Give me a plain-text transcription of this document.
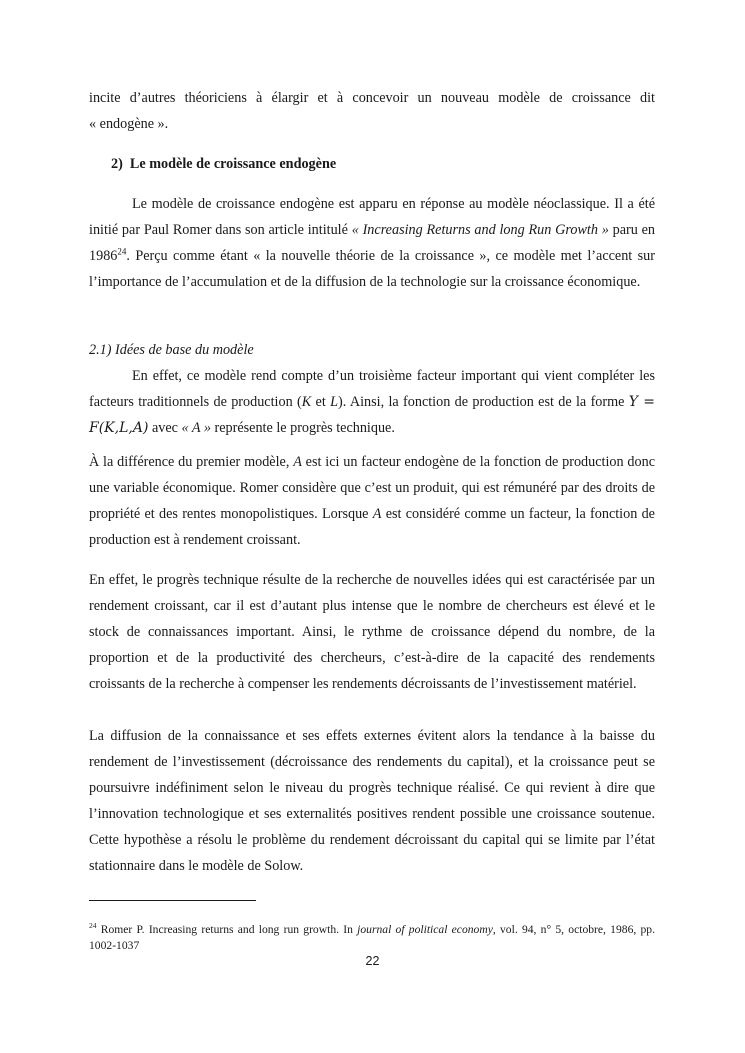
incite d’autres théoriciens à élargir et à concevoir un nouveau modèle de croissance dit
« endogène ».

2) Le modèle de croissance endogène

Le modèle de croissance endogène est apparu en réponse au modèle néoclassique. Il a été initié par Paul Romer dans son article intitulé « Increasing Returns and long Run Growth » paru en 1986$^{24}$. Perçu comme étant « la nouvelle théorie de la croissance », ce modèle met l’accent sur l’importance de l’accumulation et de la diffusion de la technologie sur la croissance économique.

2.1) Idées de base du modèle

En effet, ce modèle rend compte d’un troisième facteur important qui vient compléter les facteurs traditionnels de production (K et L). Ainsi, la fonction de production est de la forme Y = F(K,L,A) avec « A » représente le progrès technique.

À la différence du premier modèle, A est ici un facteur endogène de la fonction de production donc une variable économique. Romer considère que c’est un produit, qui est rémunéré par des droits de propriété et des rentes monopolistiques. Lorsque A est considéré comme un facteur, la fonction de production est à rendement croissant.

En effet, le progrès technique résulte de la recherche de nouvelles idées qui est caractérisée par un rendement croissant, car il est d’autant plus intense que le nombre de chercheurs est élevé et le stock de connaissances important. Ainsi, le rythme de croissance dépend du nombre, de la proportion et de la productivité des chercheurs, c’est-à-dire de la capacité des rendements croissants de la recherche à compenser les rendements décroissants de l’investissement matériel.

La diffusion de la connaissance et ses effets externes évitent alors la tendance à la baisse du rendement de l’investissement (décroissance des rendements du capital), et la croissance peut se poursuivre indéfiniment selon le niveau du progrès technique réalisé. Ce qui revient à dire que l’innovation technologique et ses externalités positives rendent possible une croissance soutenue. Cette hypothèse a résolu le problème du rendement décroissant du capital qui se limite par l’état stationnaire dans le modèle de Solow.

$^{24}$ Romer P. Increasing returns and long run growth. In journal of political economy, vol. 94, n° 5, octobre, 1986, pp. 1002-1037
22
